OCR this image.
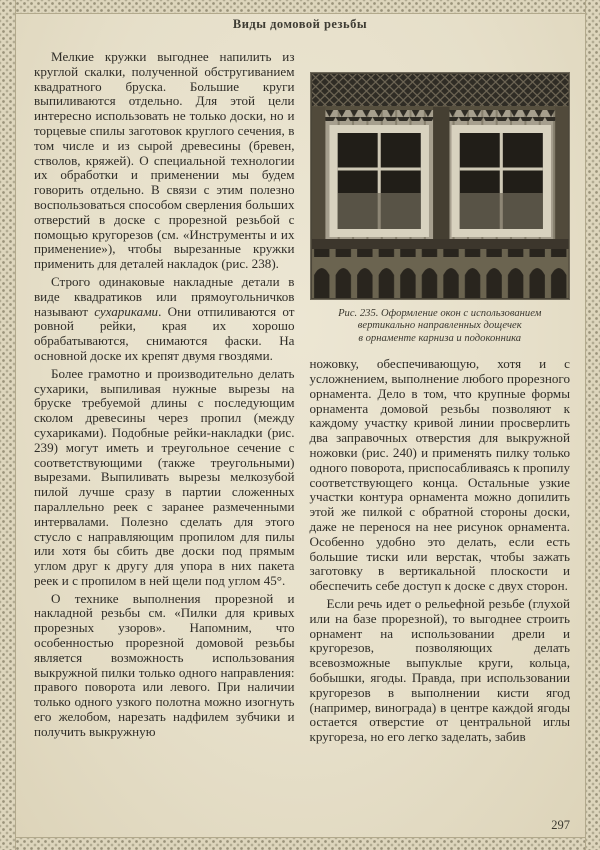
Виды домовой резьбы

Мелкие кружки выгоднее напилить из круглой скалки, полученной обстругиванием квадратного бруска. Большие круги выпиливаются отдельно. Для этой цели интересно использовать не только доски, но и торцевые спилы заготовок круглого сечения, в том числе и из сырой древесины (бревен, стволов, кряжей). О специальной технологии их обработки и применении мы будем говорить отдельно. В связи с этим полезно воспользоваться способом сверления больших отверстий в доске с прорезной резьбой с помощью кругорезов (см. «Инструменты и их применение»), чтобы вырезанные кружки применить для деталей накладок (рис. 238).

Строго одинаковые накладные детали в виде квадратиков или прямоугольничков называют сухариками. Они отпиливаются от ровной рейки, края их хорошо обрабатываются, снимаются фаски. На основной доске их крепят двумя гвоздями.

Более грамотно и производительно делать сухарики, выпиливая нужные вырезы на бруске требуемой длины с последующим сколом древесины через пропил (между сухариками). Подобные рейки-накладки (рис. 239) могут иметь и треугольное сечение с соответствующими (также треугольными) вырезами. Выпиливать вырезы мелкозубой пилой лучше сразу в партии сложенных параллельно реек с заранее размеченными интервалами. Полезно сделать для этого стусло с направляющим пропилом для пилы или хотя бы сбить две доски под прямым углом друг к другу для упора в них пакета реек и с пропилом в ней щели под углом 45°.

О технике выполнения прорезной и накладной резьбы см. «Пилки для кривых прорезных узоров». Напомним, что особенностью прорезной домовой резьбы является возможность использования выкружной пилки только одного направления: правого поворота или левого. При наличии только одного узкого полотна можно изогнуть его желобом, нарезать надфилем зубчики и получить выкружную

Рис. 235. Оформление окон с использованием
вертикально направленных дощечек
в орнаменте карниза и подоконника

ножовку, обеспечивающую, хотя и с усложнением, выполнение любого прорезного орнамента. Дело в том, что крупные формы орнамента домовой резьбы позволяют к каждому участку кривой линии просверлить два заправочных отверстия для выкружной ножовки (рис. 240) и применять пилку только одного поворота, приспосабливаясь к пропилу соответствующего конца. Остальные узкие участки контура орнамента можно допилить этой же пилкой с обратной стороны доски, даже не перенося на нее рисунок орнамента. Особенно удобно это делать, если есть большие тиски или верстак, чтобы зажать заготовку в вертикальной плоскости и обеспечить себе доступ к доске с двух сторон.

Если речь идет о рельефной резьбе (глухой или на базе прорезной), то выгоднее строить орнамент на использовании дрели и кругорезов, позволяющих делать всевозможные выпуклые круги, кольца, бобышки, ягоды. Правда, при использовании кругорезов в выполнении кисти ягод (например, винограда) в центре каждой ягоды остается отверстие от центральной иглы кругореза, но его легко заделать, забив

297
